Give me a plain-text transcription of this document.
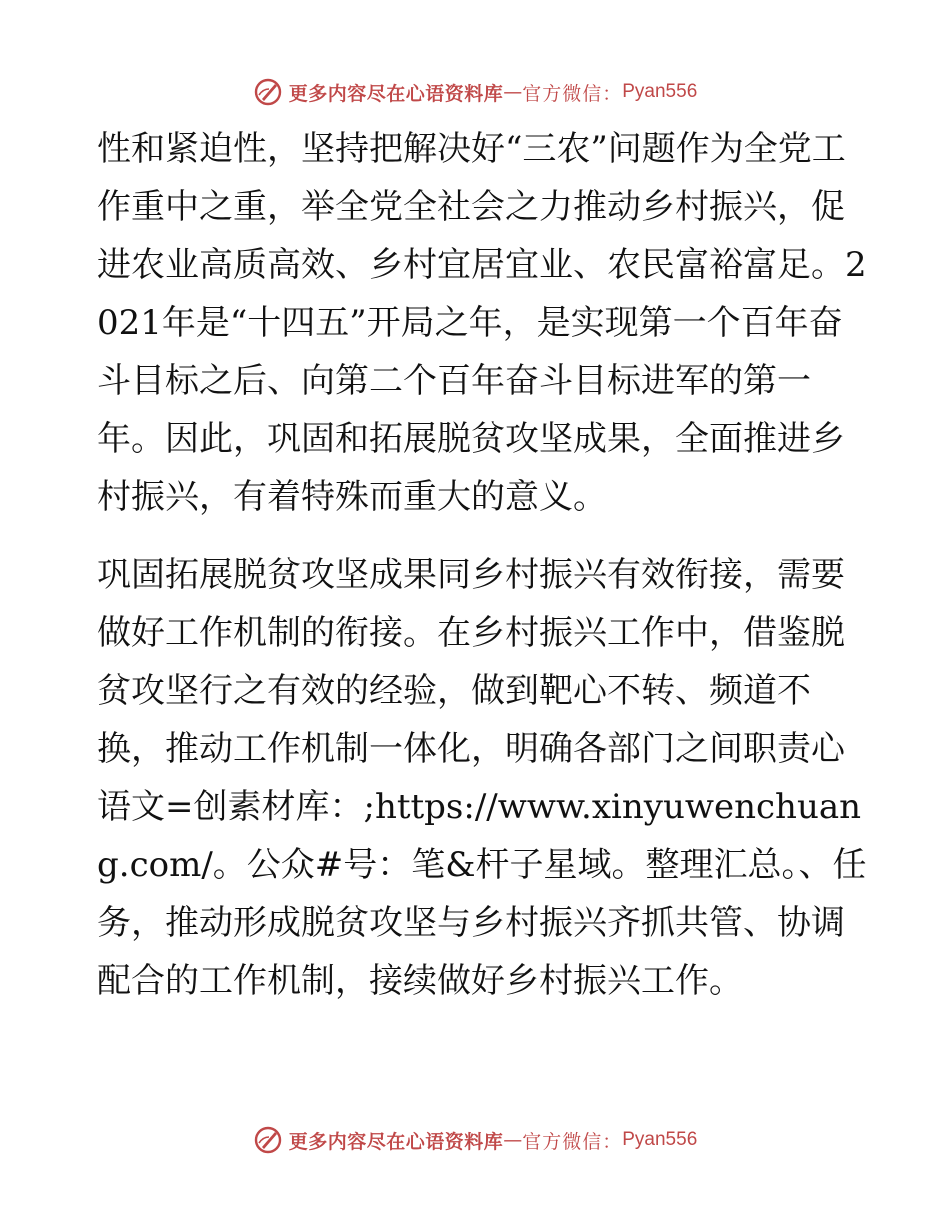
更多内容尽在心语资料库 — 官方微信： Pyan556

性和紧迫性，坚持把解决好“三农”问题作为全党工作重中之重，举全党全社会之力推动乡村振兴，促进农业高质高效、乡村宜居宜业、农民富裕富足。2021年是“十四五”开局之年，是实现第一个百年奋斗目标之后、向第二个百年奋斗目标进军的第一年。因此，巩固和拓展脱贫攻坚成果，全面推进乡村振兴，有着特殊而重大的意义。

巩固拓展脱贫攻坚成果同乡村振兴有效衔接，需要做好工作机制的衔接。在乡村振兴工作中，借鉴脱贫攻坚行之有效的经验，做到靶心不转、频道不换，推动工作机制一体化，明确各部门之间职责心语文=创素材库：;https://www.xinyuwenchuang.com/。公众#号：笔&杆子星域。整理汇总。、任务，推动形成脱贫攻坚与乡村振兴齐抓共管、协调配合的工作机制，接续做好乡村振兴工作。

更多内容尽在心语资料库 — 官方微信： Pyan556
